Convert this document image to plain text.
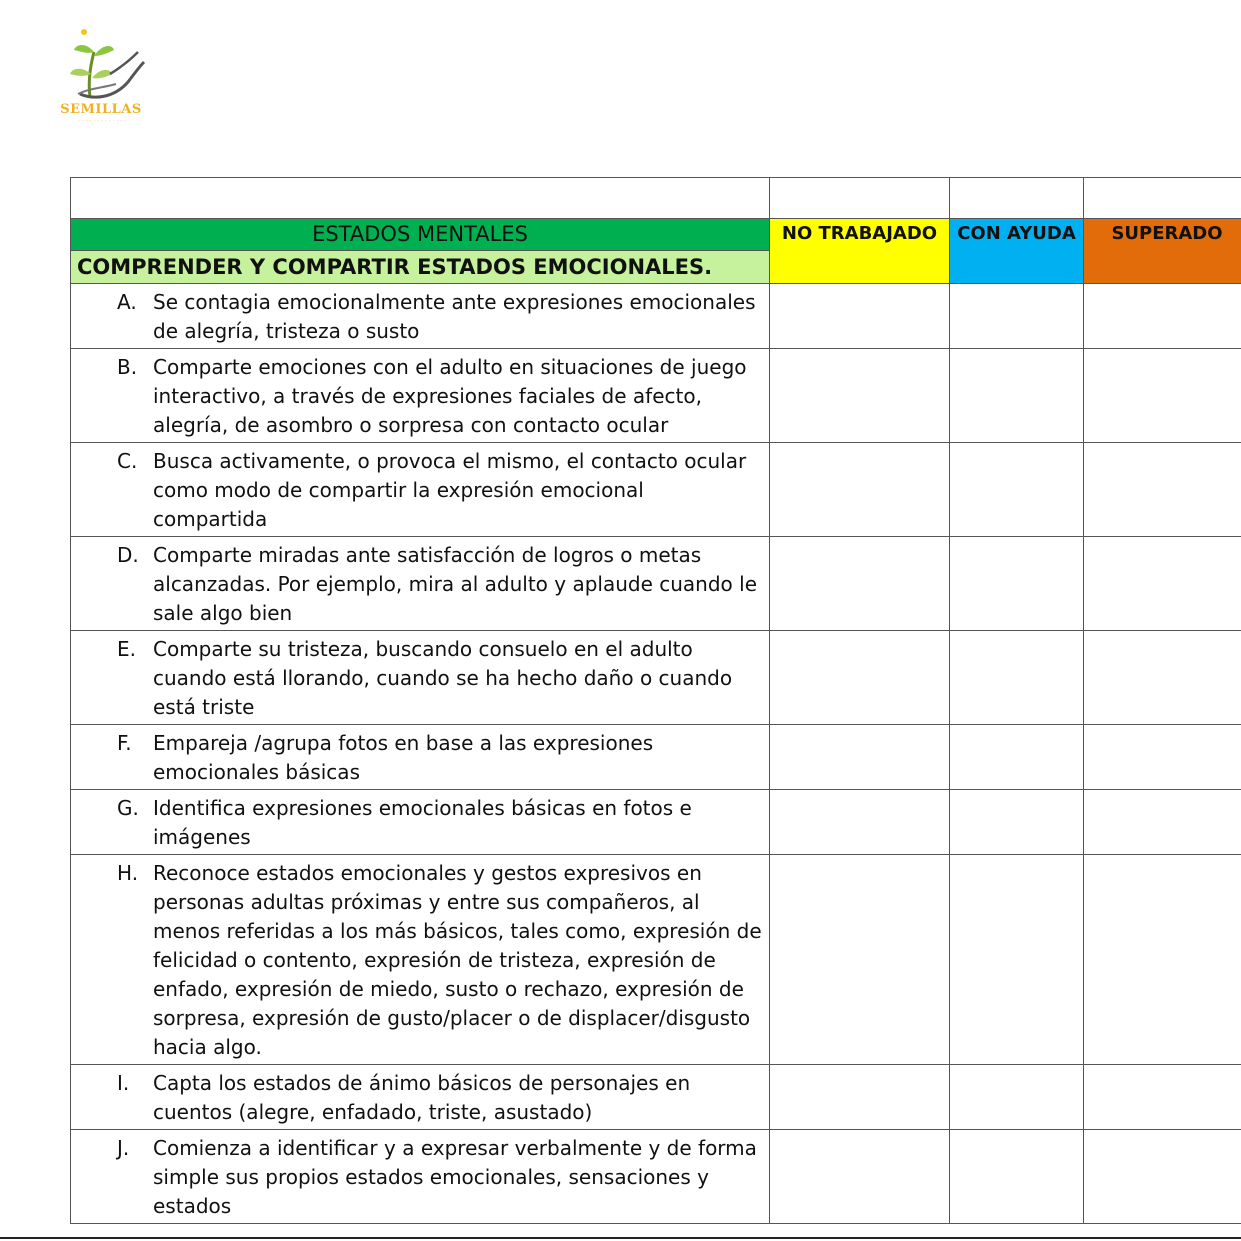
SEMILLAS
· · · · · · · · · · · · ·

ESTADOS MENTALES	NO TRABAJADO	CON AYUDA	SUPERADO
COMPRENDER Y COMPARTIR ESTADOS EMOCIONALES.			

A. Se contagia emocionalmente ante expresiones emocionales de alegría, tristeza o susto			

B. Comparte emociones con el adulto en situaciones de juego interactivo, a través de expresiones faciales de afecto, alegría, de asombro o sorpresa con contacto ocular			

C. Busca activamente, o provoca el mismo, el contacto ocular como modo de compartir la expresión emocional compartida			

D. Comparte miradas ante satisfacción de logros o metas alcanzadas. Por ejemplo, mira al adulto y aplaude cuando le sale algo bien			

E. Comparte su tristeza, buscando consuelo en el adulto cuando está llorando, cuando se ha hecho daño o cuando está triste			

F. Empareja /agrupa fotos en base a las expresiones emocionales básicas			

G. Identifica expresiones emocionales básicas en fotos e imágenes			

H. Reconoce estados emocionales y gestos expresivos en personas adultas próximas y entre sus compañeros, al menos referidas a los más básicos, tales como, expresión de felicidad o contento, expresión de tristeza, expresión de enfado, expresión de miedo, susto o rechazo, expresión de sorpresa, expresión de gusto/placer o de displacer/disgusto hacia algo.			

I. Capta los estados de ánimo básicos de personajes en cuentos (alegre, enfadado, triste, asustado)			

J. Comienza a identificar y a expresar verbalmente y de forma simple sus propios estados emocionales, sensaciones y estados			
